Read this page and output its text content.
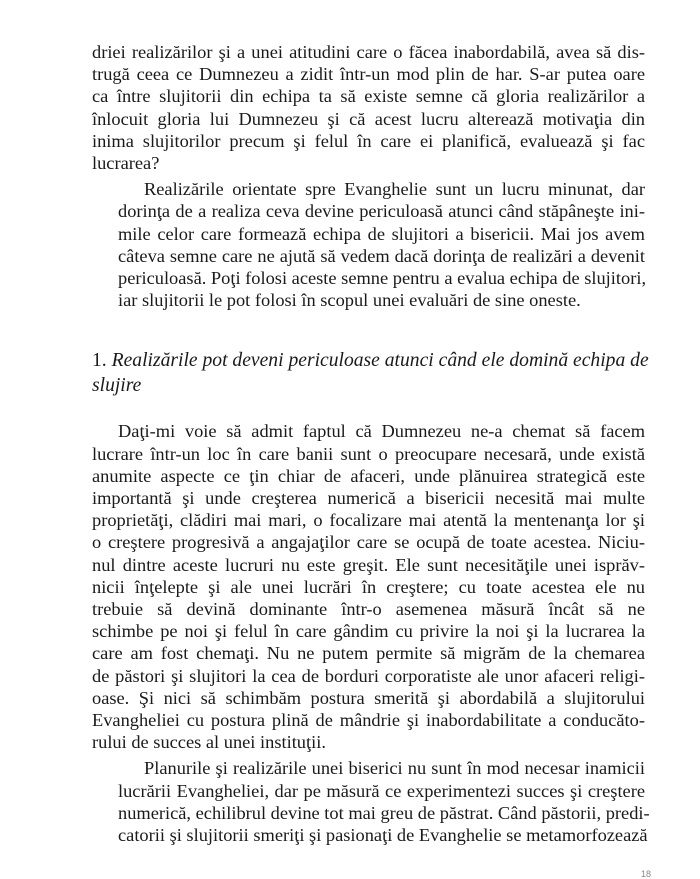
driei realizărilor şi a unei atitudini care o făcea inabordabilă, avea să dis-
trugă ceea ce Dumnezeu a zidit într-un mod plin de har. S-ar putea oare
ca între slujitorii din echipa ta să existe semne că gloria realizărilor a
înlocuit gloria lui Dumnezeu şi că acest lucru alterează motivaţia din
inima slujitorilor precum şi felul în care ei planifică, evaluează şi fac
lucrarea?

Realizările orientate spre Evanghelie sunt un lucru minunat, dar
dorinţa de a realiza ceva devine periculoasă atunci când stăpâneşte ini-
mile celor care formează echipa de slujitori a bisericii. Mai jos avem
câteva semne care ne ajută să vedem dacă dorinţa de realizări a devenit
periculoasă. Poţi folosi aceste semne pentru a evalua echipa de slujitori,
iar slujitorii le pot folosi în scopul unei evaluări de sine oneste.

1. Realizările pot deveni periculoase atunci când ele domină echipa de
slujire

Daţi-mi voie să admit faptul că Dumnezeu ne-a chemat să facem
lucrare într-un loc în care banii sunt o preocupare necesară, unde există
anumite aspecte ce ţin chiar de afaceri, unde plănuirea strategică este
importantă şi unde creşterea numerică a bisericii necesită mai multe
proprietăţi, clădiri mai mari, o focalizare mai atentă la mentenanţa lor şi
o creştere progresivă a angajaţilor care se ocupă de toate acestea. Niciu-
nul dintre aceste lucruri nu este greşit. Ele sunt necesităţile unei isprăv-
nicii înţelepte şi ale unei lucrări în creştere; cu toate acestea ele nu
trebuie să devină dominante într-o asemenea măsură încât să ne
schimbe pe noi şi felul în care gândim cu privire la noi şi la lucrarea la
care am fost chemaţi. Nu ne putem permite să migrăm de la chemarea
de păstori şi slujitori la cea de borduri corporatiste ale unor afaceri religi-
oase. Şi nici să schimbăm postura smerită şi abordabilă a slujitorului
Evangheliei cu postura plină de mândrie şi inabordabilitate a conducăto-
rului de succes al unei instituţii.

Planurile şi realizările unei biserici nu sunt în mod necesar inamicii
lucrării Evangheliei, dar pe măsură ce experimentezi succes şi creştere
numerică, echilibrul devine tot mai greu de păstrat. Când păstorii, predi-
catorii şi slujitorii smeriţi şi pasionaţi de Evanghelie se metamorfozează

18
